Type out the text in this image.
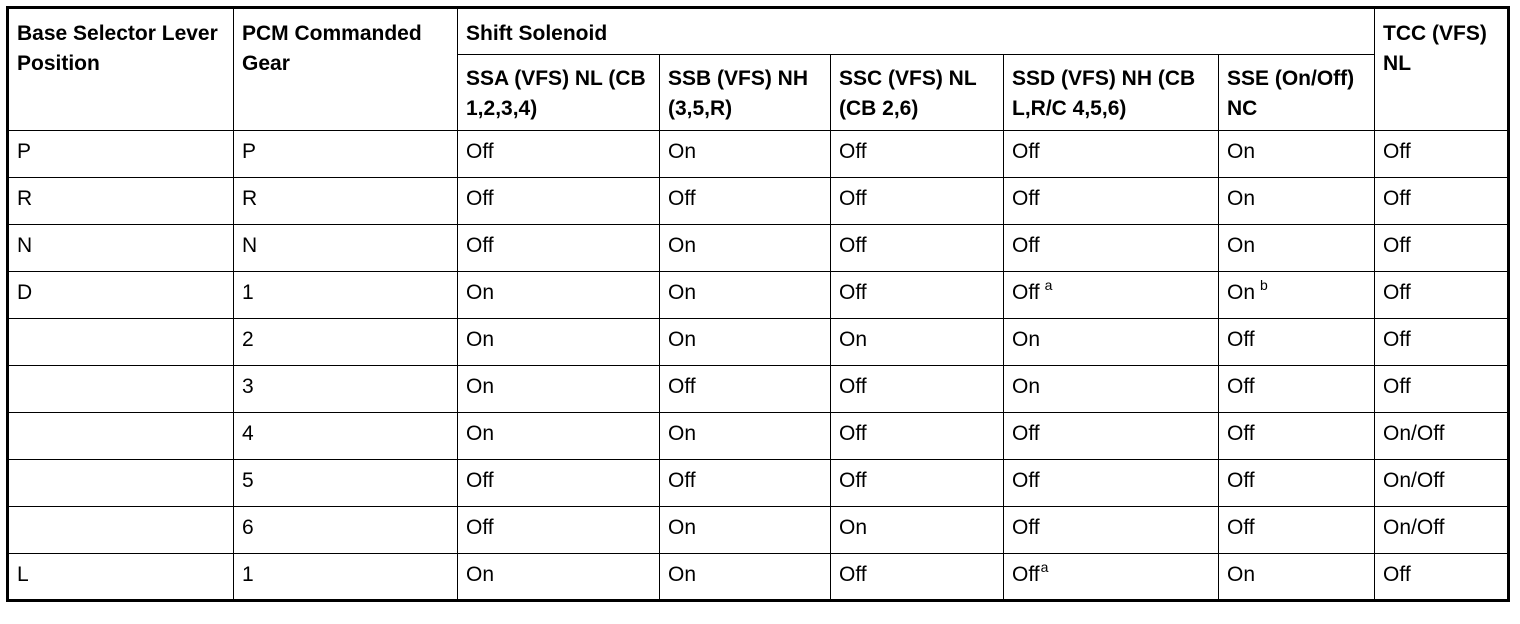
Base Selector Lever Position	PCM Commanded Gear	Shift Solenoid					TCC (VFS) NL
		SSA (VFS) NL (CB 1,2,3,4)	SSB (VFS) NH (3,5,R)	SSC (VFS) NL (CB 2,6)	SSD (VFS) NH (CB L,R/C 4,5,6)	SSE (On/Off) NC	
P	P	Off	On	Off	Off	On	Off
R	R	Off	Off	Off	Off	On	Off
N	N	Off	On	Off	Off	On	Off
D	1	On	On	Off	Off $^a$	On $^b$	Off
	2	On	On	On	On	Off	Off
	3	On	Off	Off	On	Off	Off
	4	On	On	Off	Off	Off	On/Off
	5	Off	Off	Off	Off	Off	On/Off
	6	Off	On	On	Off	Off	On/Off
L	1	On	On	Off	Off$^a$	On	Off
